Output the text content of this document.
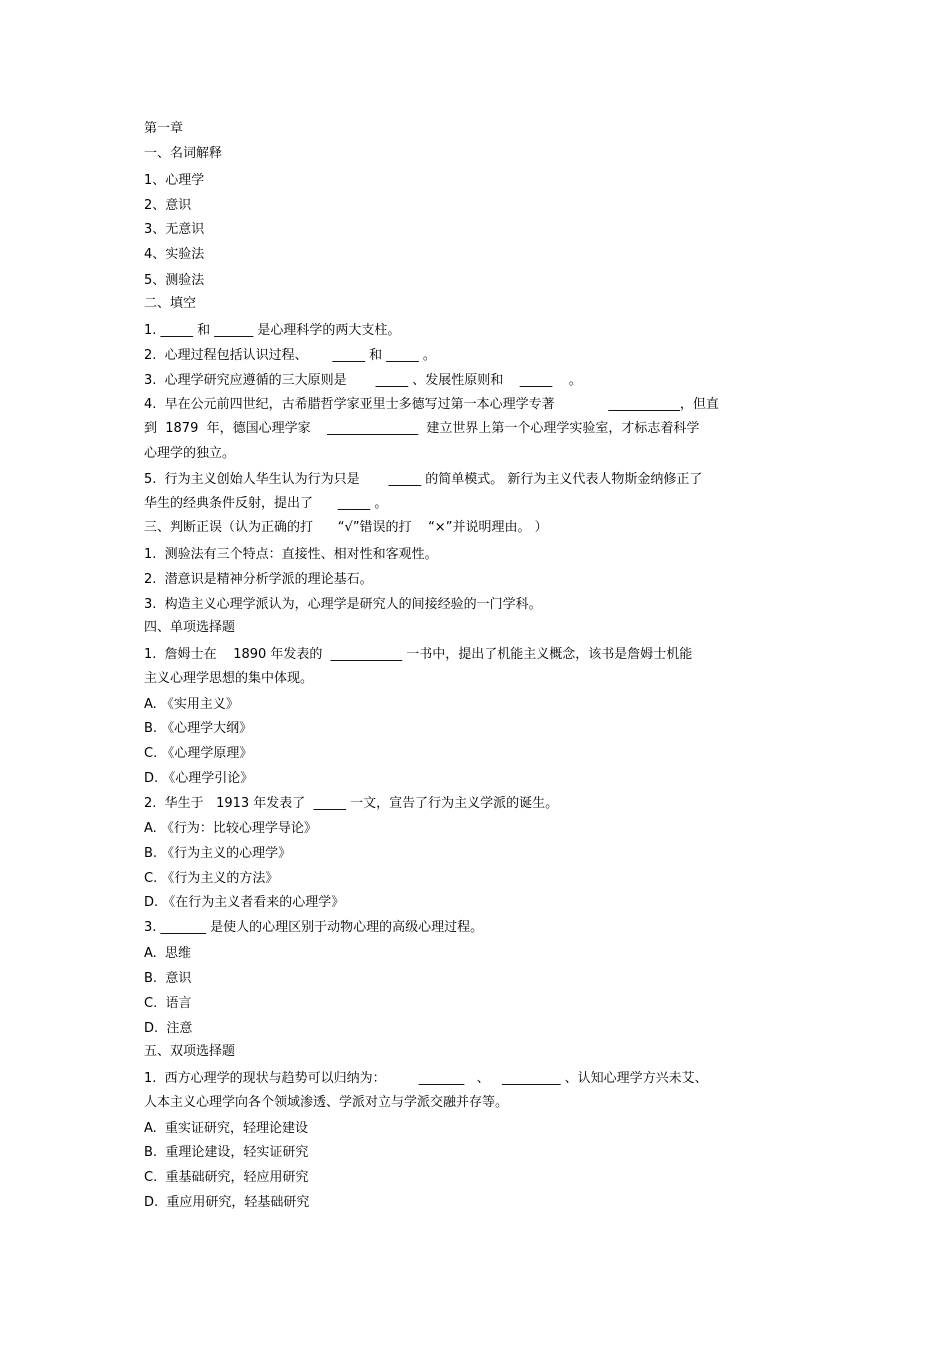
第一章
一、名词解释
1、心理学
2、意识
3、无意识
4、实验法
5、测验法
二、填空
1. _____ 和 ______ 是心理科学的两大支柱。
2.  心理过程包括认识过程、      _____ 和 _____ 。
3.  心理学研究应遵循的三大原则是       _____ 、发展性原则和    _____    。
4.  早在公元前四世纪，古希腊哲学家亚里士多德写过第一本心理学专著             ___________，但直
到  1879  年，德国心理学家    ______________  建立世界上第一个心理学实验室，才标志着科学
心理学的独立。
5.  行为主义创始人华生认为行为只是       _____ 的简单模式。 新行为主义代表人物斯金纳修正了
华生的经典条件反射，提出了      _____ 。
三、判断正误（认为正确的打      “√”错误的打    “×”并说明理由。 ）
1.  测验法有三个特点：直接性、相对性和客观性。
2.  潜意识是精神分析学派的理论基石。
3.  构造主义心理学派认为，心理学是研究人的间接经验的一门学科。
四、单项选择题
1.  詹姆士在    1890 年发表的  ___________ 一书中，提出了机能主义概念，该书是詹姆士机能
主义心理学思想的集中体现。
A. 《实用主义》
B. 《心理学大纲》
C. 《心理学原理》
D. 《心理学引论》
2.  华生于   1913 年发表了  _____ 一文，宣告了行为主义学派的诞生。
A. 《行为：比较心理学导论》
B. 《行为主义的心理学》
C. 《行为主义的方法》
D. 《在行为主义者看来的心理学》
3. _______ 是使人的心理区别于动物心理的高级心理过程。
A.  思维
B.  意识
C.  语言
D.  注意
五、双项选择题
1.  西方心理学的现状与趋势可以归纳为：        _______   、   _________ 、认知心理学方兴未艾、
人本主义心理学向各个领域渗透、学派对立与学派交融并存等。
A.  重实证研究，轻理论建设
B.  重理论建设，轻实证研究
C.  重基础研究，轻应用研究
D.  重应用研究，轻基础研究
